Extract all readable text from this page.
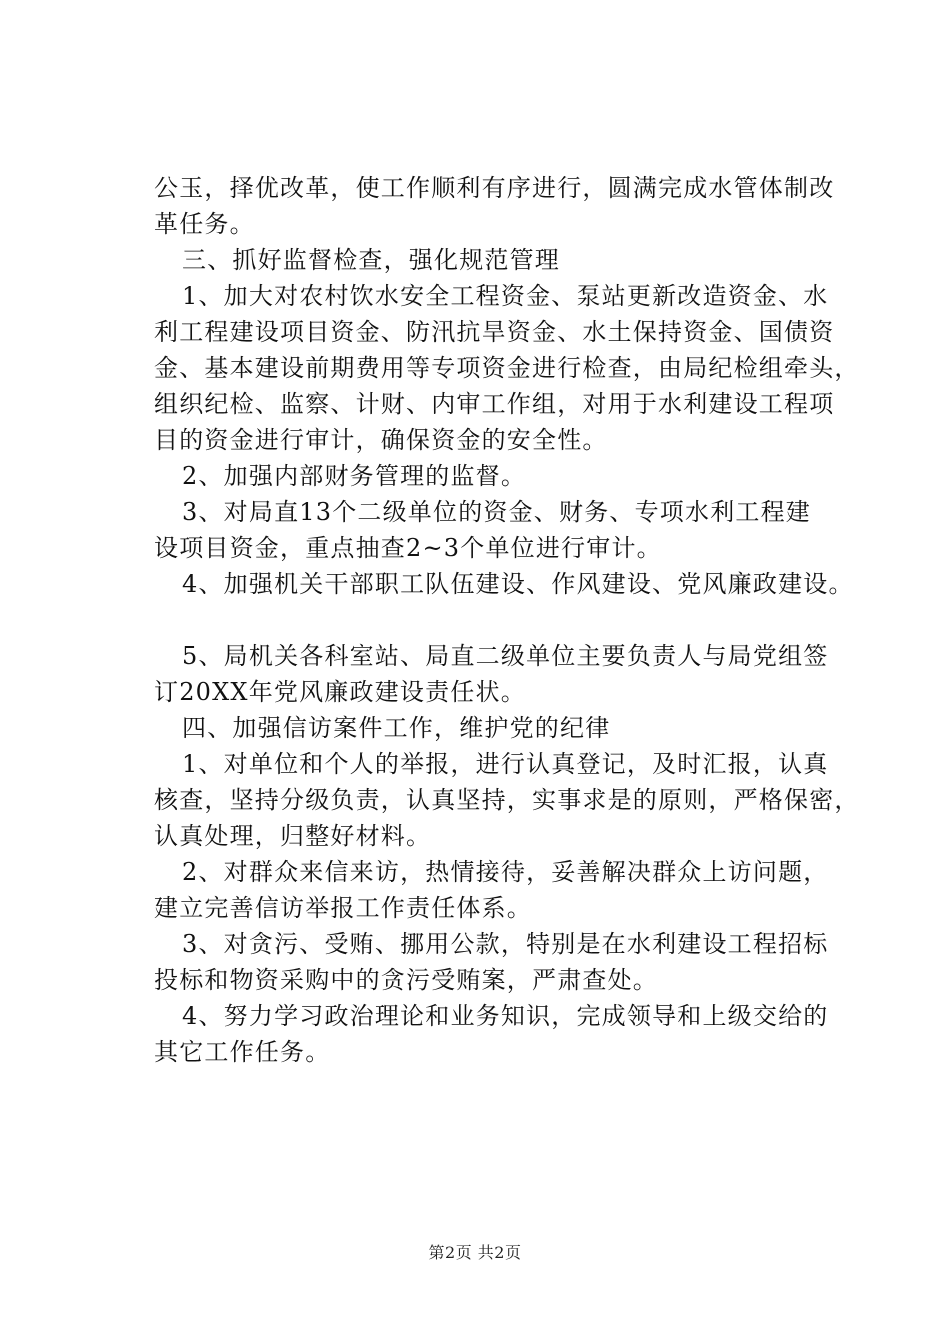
公玉，择优改革，使工作顺利有序进行，圆满完成水管体制改
革任务。
三、抓好监督检查，强化规范管理
1、加大对农村饮水安全工程资金、泵站更新改造资金、水
利工程建设项目资金、防汛抗旱资金、水土保持资金、国债资
金、基本建设前期费用等专项资金进行检查，由局纪检组牵头，
组织纪检、监察、计财、内审工作组，对用于水利建设工程项
目的资金进行审计，确保资金的安全性。
2、加强内部财务管理的监督。
3、对局直13个二级单位的资金、财务、专项水利工程建
设项目资金，重点抽查2~3个单位进行审计。
4、加强机关干部职工队伍建设、作风建设、党风廉政建设。
5、局机关各科室站、局直二级单位主要负责人与局党组签
订20XX年党风廉政建设责任状。
四、加强信访案件工作，维护党的纪律
1、对单位和个人的举报，进行认真登记，及时汇报，认真
核查，坚持分级负责，认真坚持，实事求是的原则，严格保密，
认真处理，归整好材料。
2、对群众来信来访，热情接待，妥善解决群众上访问题，
建立完善信访举报工作责任体系。
3、对贪污、受贿、挪用公款，特别是在水利建设工程招标
投标和物资采购中的贪污受贿案，严肃查处。
4、努力学习政治理论和业务知识，完成领导和上级交给的
其它工作任务。
第2页 共2页
